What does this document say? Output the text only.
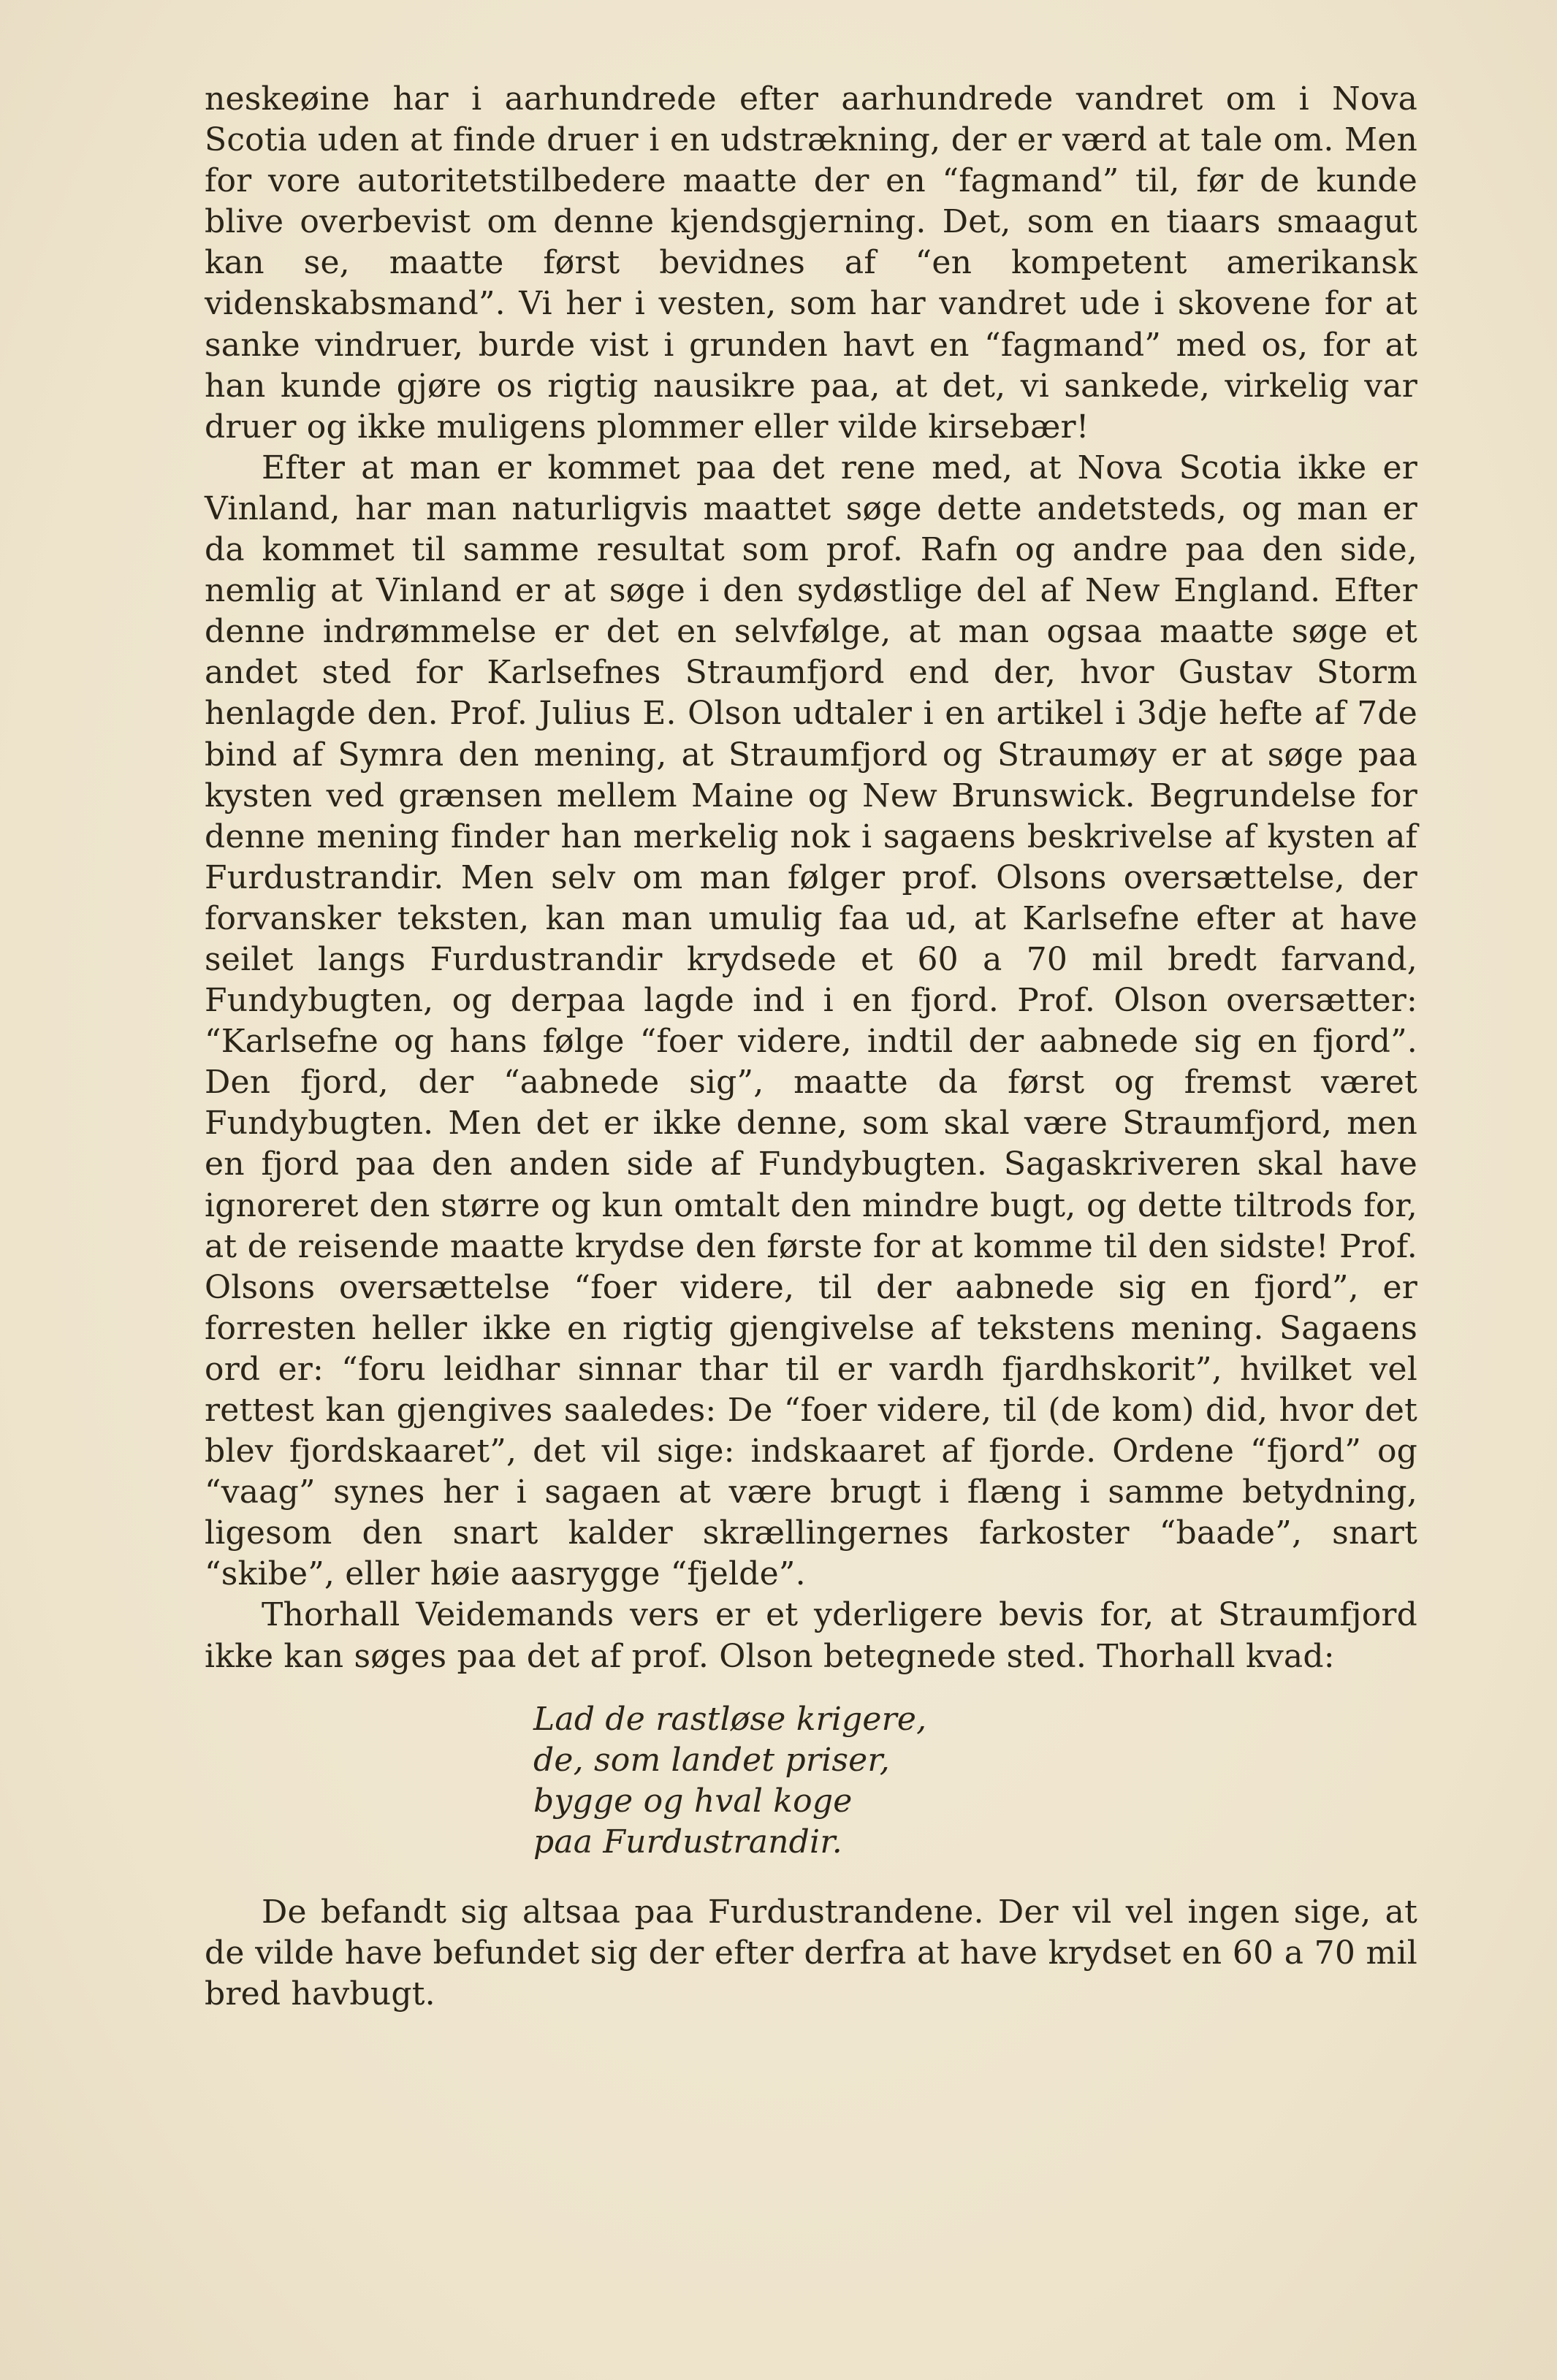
neskeøine har i aarhundrede efter aarhundrede vandret om i Nova Scotia uden at finde druer i en udstrækning, der er værd at tale om. Men for vore autoritetstilbedere maatte der en “fagmand” til, før de kunde blive overbevist om denne kjendsgjerning. Det, som en tiaars smaagut kan se, maatte først bevidnes af “en kompetent amerikansk videnskabsmand”. Vi her i vesten, som har vandret ude i skovene for at sanke vindruer, burde vist i grunden havt en “fagmand” med os, for at han kunde gjøre os rigtig nausikre paa, at det, vi sankede, virkelig var druer og ikke muligens plommer eller vilde kirsebær!

Efter at man er kommet paa det rene med, at Nova Scotia ikke er Vinland, har man naturligvis maattet søge dette andetsteds, og man er da kommet til samme resultat som prof. Rafn og andre paa den side, nemlig at Vinland er at søge i den sydøstlige del af New England. Efter denne indrømmelse er det en selvfølge, at man ogsaa maatte søge et andet sted for Karlsefnes Straumfjord end der, hvor Gustav Storm henlagde den. Prof. Julius E. Olson udtaler i en artikel i 3dje hefte af 7de bind af Symra den mening, at Straumfjord og Straumøy er at søge paa kysten ved grænsen mellem Maine og New Brunswick. Begrundelse for denne mening finder han merkelig nok i sagaens beskrivelse af kysten af Furdustrandir. Men selv om man følger prof. Olsons oversættelse, der forvansker teksten, kan man umulig faa ud, at Karlsefne efter at have seilet langs Furdustrandir krydsede et 60 a 70 mil bredt farvand, Fundybugten, og derpaa lagde ind i en fjord. Prof. Olson oversætter: “Karlsefne og hans følge “foer videre, indtil der aabnede sig en fjord”. Den fjord, der “aabnede sig”, maatte da først og fremst været Fundybugten. Men det er ikke denne, som skal være Straumfjord, men en fjord paa den anden side af Fundybugten. Sagaskriveren skal have ignoreret den større og kun omtalt den mindre bugt, og dette tiltrods for, at de reisende maatte krydse den første for at komme til den sidste! Prof. Olsons oversættelse “foer videre, til der aabnede sig en fjord”, er forresten heller ikke en rigtig gjengivelse af tekstens mening. Sagaens ord er: “foru leidhar sinnar thar til er vardh fjardhskorit”, hvilket vel rettest kan gjengives saaledes: De “foer videre, til (de kom) did, hvor det blev fjordskaaret”, det vil sige: indskaaret af fjorde. Ordene “fjord” og “vaag” synes her i sagaen at være brugt i flæng i samme betydning, ligesom den snart kalder skrællingernes farkoster “baade”, snart “skibe”, eller høie aasrygge “fjelde”.

Thorhall Veidemands vers er et yderligere bevis for, at Straumfjord ikke kan søges paa det af prof. Olson betegnede sted. Thorhall kvad:

Lad de rastløse krigere,
de, som landet priser,
bygge og hval koge
paa Furdustrandir.

De befandt sig altsaa paa Furdustrandene. Der vil vel ingen sige, at de vilde have befundet sig der efter derfra at have krydset en 60 a 70 mil bred havbugt.
